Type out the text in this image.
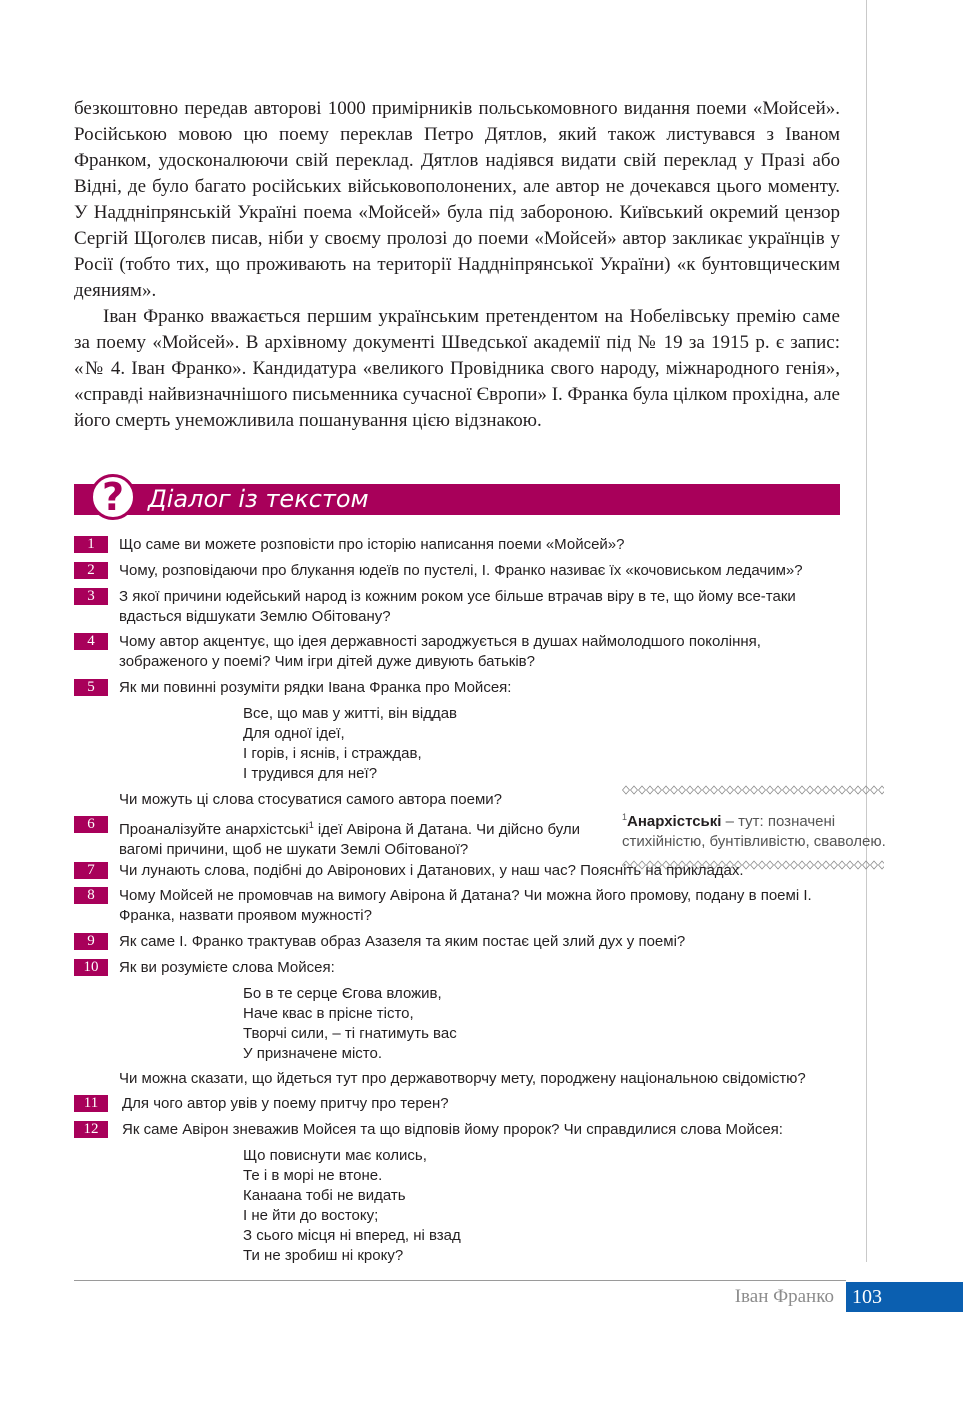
безкоштовно передав авторові 1000 примірників польськомовного видання поеми «Мойсей». Російською мовою цю поему переклав Петро Дятлов, який також листувався з Іваном Франком, удосконалюючи свій переклад. Дятлов надіявся видати свій переклад у Празі або Відні, де було багато російських військовополонених, але автор не дочекався цього моменту. У Наддніпрянській Україні поема «Мойсей» була під забороною. Київський окремий цензор Сергій Щоголєв писав, ніби у своєму пролозі до поеми «Мойсей» автор закликає українців у Росії (тобто тих, що проживають на території Наддніпрянської України) «к бунтовщическим деяниям».

Іван Франко вважається першим українським претендентом на Нобелівську премію саме за поему «Мойсей». В архівному документі Шведської академії під № 19 за 1915 р. є запис: «№ 4. Іван Франко». Кандидатура «великого Провідника свого народу, міжнародного генія», «справді найвизначнішого письменника сучасної Європи» І. Франка була цілком прохідна, але його смерть унеможливила пошанування цією відзнакою.

Діалог із текстом
?
1	Що саме ви можете розповісти про історію написання поеми «Мойсей»?
2	Чому, розповідаючи про блукання юдеїв по пустелі, І. Франко називає їх «кочовиськом ледачим»?
3	З якої причини юдейський народ із кожним роком усе більше втрачав віру в те, що йому все-таки вдасться відшукати Землю Обітовану?
4	Чому автор акцентує, що ідея державності зароджується в душах наймолодшого покоління, зображеного у поемі? Чим ігри дітей дуже дивують батьків?
5	Як ми повинні розуміти рядки Івана Франка про Мойсея:
Все, що мав у житті, він віддав
Для одної ідеї,
І горів, і яснів, і страждав,
І трудився для неї?
Чи можуть ці слова стосуватися самого автора поеми?
6	Проаналізуйте анархістські$^1$ ідеї Авірона й Датана. Чи дійсно були вагомі причини, щоб не шукати Землі Обітованої?
$^1$Анархістські – тут: позначені стихійністю, бунтівливістю, сваволею.
7	Чи лунають слова, подібні до Авіронових і Датанових, у наш час? Поясніть на прикладах.
8	Чому Мойсей не промовчав на вимогу Авірона й Датана? Чи можна його промову, подану в поемі І. Франка, назвати проявом мужності?
9	Як саме І. Франко трактував образ Азазеля та яким постає цей злий дух у поемі?
10	Як ви розумієте слова Мойсея:
Бо в те серце Єгова вложив,
Наче квас в прісне тісто,
Творчі сили, – ті гнатимуть вас
У призначене місто.
Чи можна сказати, що йдеться тут про державотворчу мету, породжену національною свідомістю?
11	Для чого автор увів у поему притчу про терен?
12	Як саме Авірон зневажив Мойсея та що відповів йому пророк? Чи справдилися слова Мойсея:
Що повиснути має колись,
Те і в морі не втоне.
Канаана тобі не видать
І не йти до востоку;
З сього місця ні вперед, ні взад
Ти не зробиш ні кроку?
Іван Франко 103
